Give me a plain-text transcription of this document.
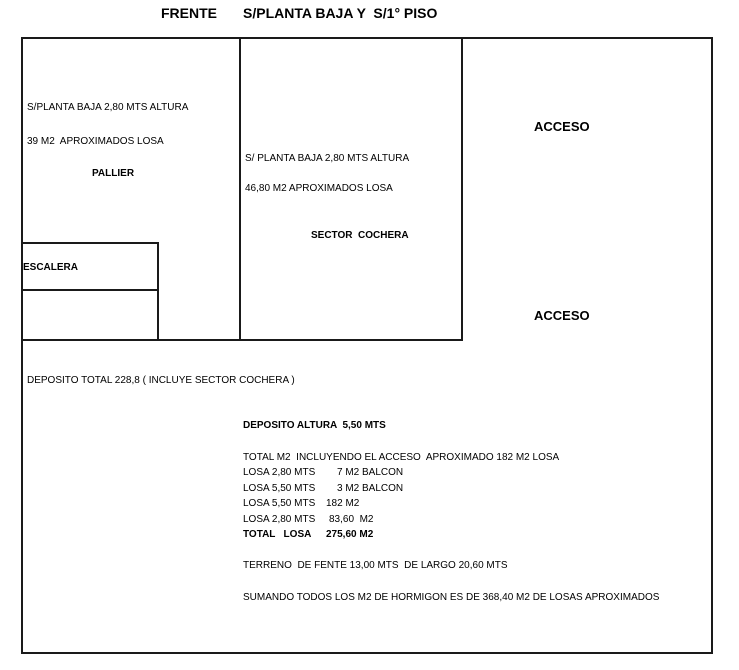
FRENTE S/PLANTA BAJA Y  S/1° PISO
S/PLANTA BAJA 2,80 MTS ALTURA
39 M2  APROXIMADOS LOSA
PALLIER
ESCALERA
S/ PLANTA BAJA 2,80 MTS ALTURA
46,80 M2 APROXIMADOS LOSA
SECTOR  COCHERA
ACCESO
ACCESO
DEPOSITO TOTAL 228,8 ( INCLUYE SECTOR COCHERA )
DEPOSITO ALTURA  5,50 MTS
TOTAL M2  INCLUYENDO EL ACCESO  APROXIMADO 182 M2 LOSA
LOSA 2,80 MTS 7 M2 BALCON
LOSA 5,50 MTS 3 M2 BALCON
LOSA 5,50 MTS 182 M2
LOSA 2,80 MTS 83,60  M2
TOTAL   LOSA 275,60 M2
TERRENO  DE FENTE 13,00 MTS  DE LARGO 20,60 MTS
SUMANDO TODOS LOS M2 DE HORMIGON ES DE 368,40 M2 DE LOSAS APROXIMADOS
